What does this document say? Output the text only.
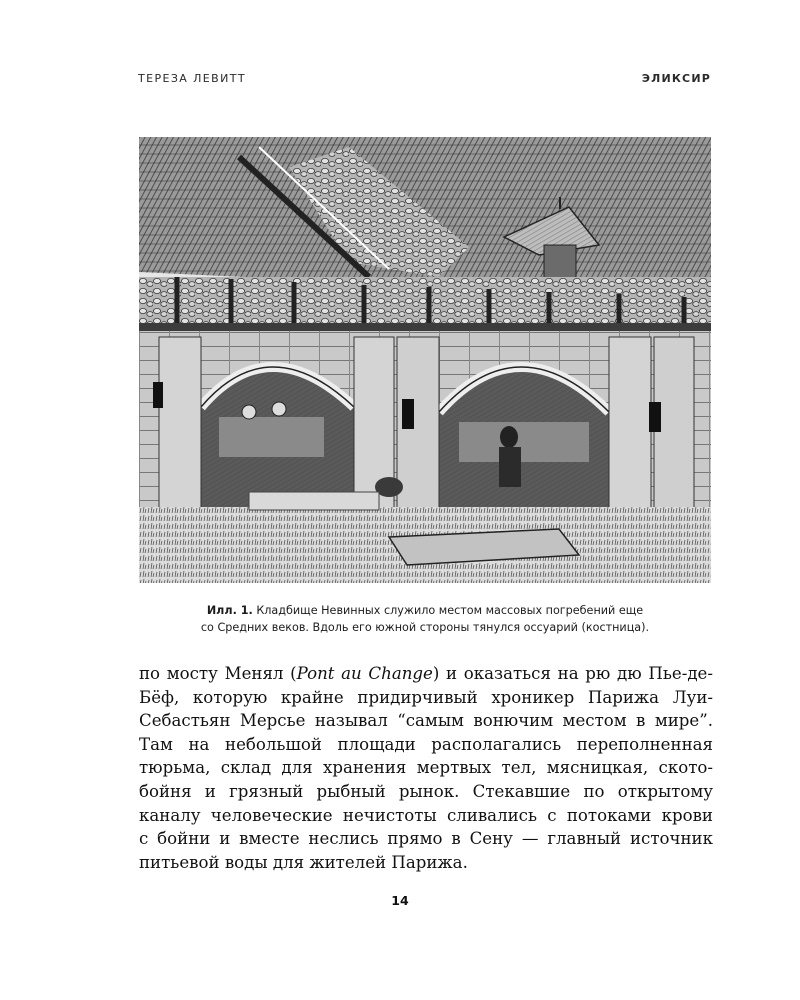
ТЕРЕЗА ЛЕВИТТ	ЭЛИКСИР
Илл. 1. Кладбище Невинных служило местом массовых погребений еще
со Средних веков. Вдоль его южной стороны тянулся оссуарий (костница).
по мосту Менял (Pont au Change) и оказаться на рю дю Пье-де-
Бёф, которую крайне придирчивый хроникер Парижа Луи-
Себастьян Мерсье называл “самым вонючим местом в мире”.
Там на небольшой площади располагались переполненная
тюрьма, склад для хранения мертвых тел, мясницкая, ското-
бойня и грязный рыбный рынок. Стекавшие по открытому
каналу человеческие нечистоты сливались с потоками крови
с бойни и вместе неслись прямо в Сену — главный источник
питьевой воды для жителей Парижа.
14
